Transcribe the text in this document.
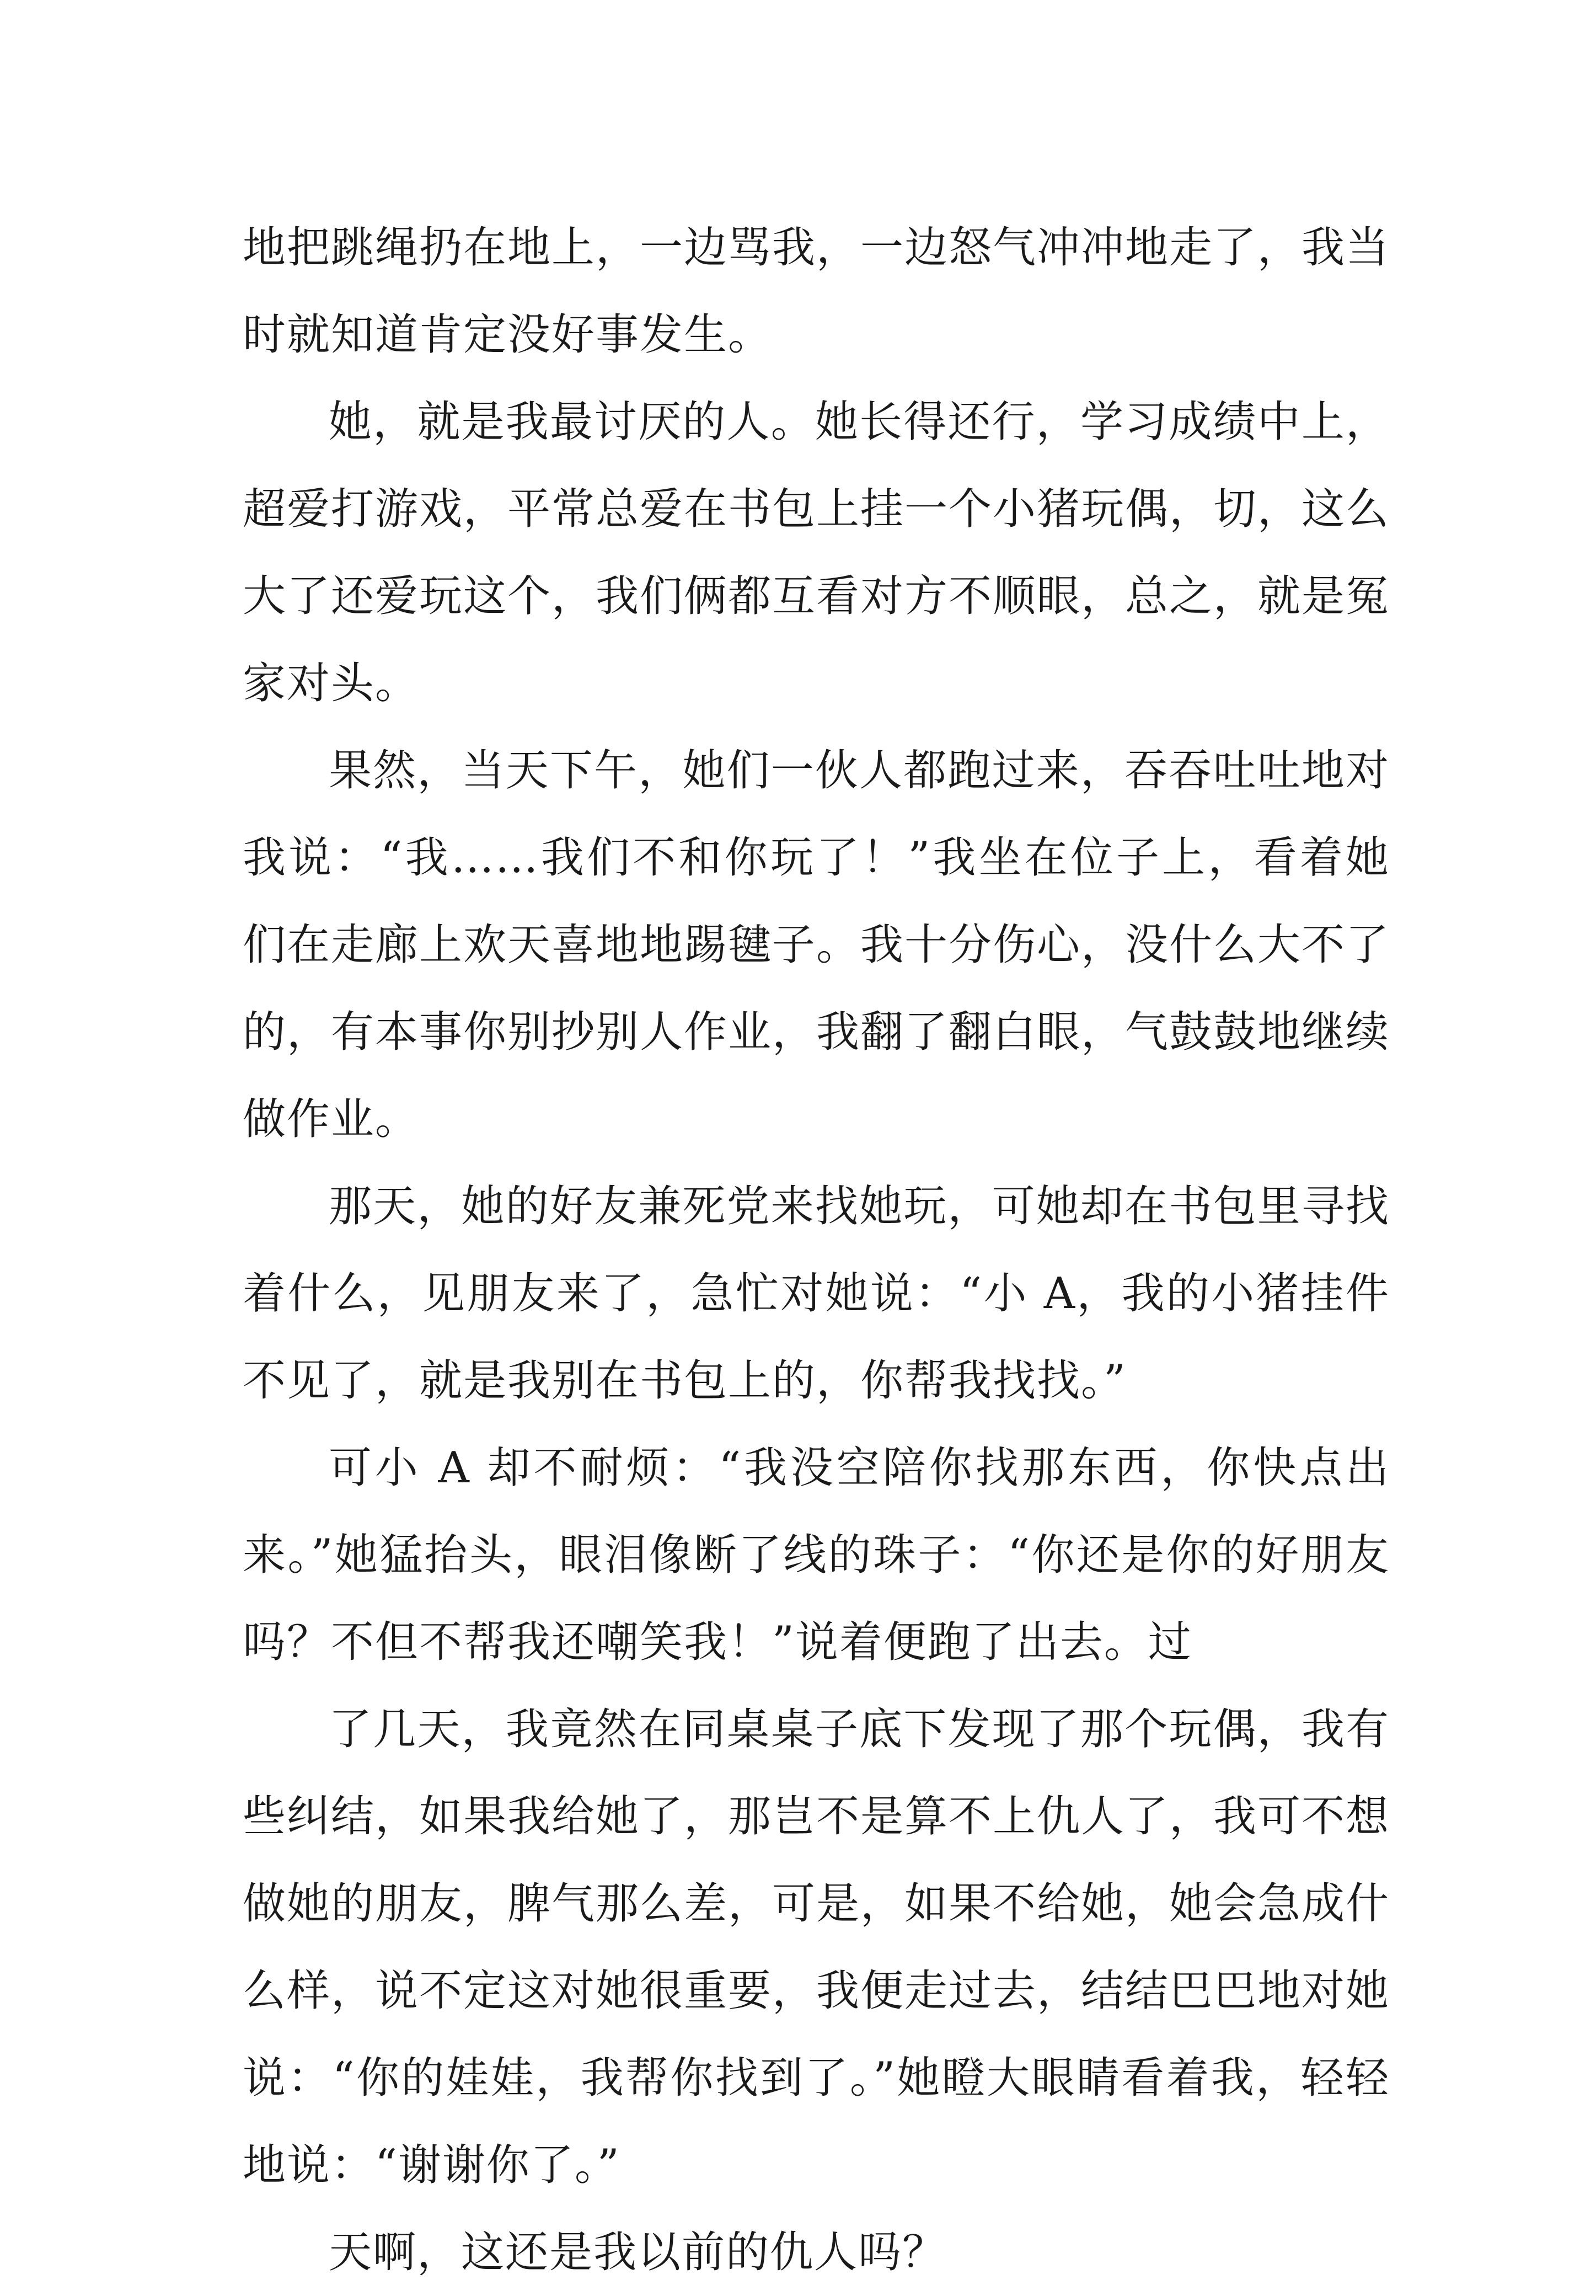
地把跳绳扔在地上，一边骂我，一边怒气冲冲地走了，我当时就知道肯定没好事发生。

她，就是我最讨厌的人。她长得还行，学习成绩中上，超爱打游戏，平常总爱在书包上挂一个小猪玩偶，切，这么大了还爱玩这个，我们俩都互看对方不顺眼，总之，就是冤家对头。

果然，当天下午，她们一伙人都跑过来，吞吞吐吐地对我说：“我……我们不和你玩了！”我坐在位子上，看着她们在走廊上欢天喜地地踢毽子。我十分伤心，没什么大不了的，有本事你别抄别人作业，我翻了翻白眼，气鼓鼓地继续做作业。

那天，她的好友兼死党来找她玩，可她却在书包里寻找着什么，见朋友来了，急忙对她说：“小 A，我的小猪挂件不见了，就是我别在书包上的，你帮我找找。”

可小 A 却不耐烦：“我没空陪你找那东西，你快点出来。”她猛抬头，眼泪像断了线的珠子：“你还是你的好朋友吗？不但不帮我还嘲笑我！”说着便跑了出去。过

了几天，我竟然在同桌桌子底下发现了那个玩偶，我有些纠结，如果我给她了，那岂不是算不上仇人了，我可不想做她的朋友，脾气那么差，可是，如果不给她，她会急成什么样，说不定这对她很重要，我便走过去，结结巴巴地对她说：“你的娃娃，我帮你找到了。”她瞪大眼睛看着我，轻轻地说：“谢谢你了。”

天啊，这还是我以前的仇人吗？
